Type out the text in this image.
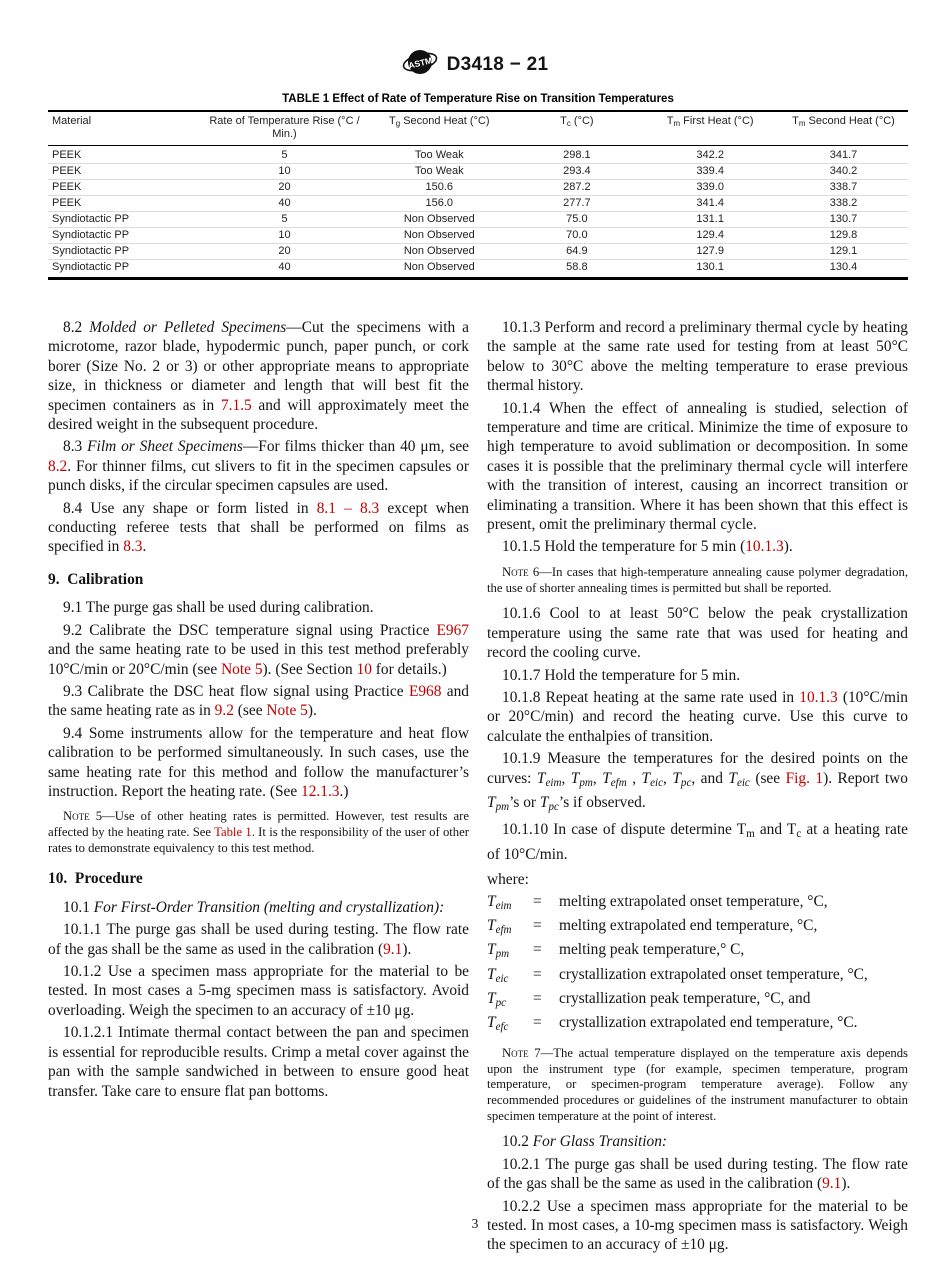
ASTM D3418 − 21
TABLE 1 Effect of Rate of Temperature Rise on Transition Temperatures
Material	Rate of Temperature Rise (°C / Min.)	Tg Second Heat (°C)	Tc (°C)	Tm First Heat (°C)	Tm Second Heat (°C)
PEEK	5	Too Weak	298.1	342.2	341.7
PEEK	10	Too Weak	293.4	339.4	340.2
PEEK	20	150.6	287.2	339.0	338.7
PEEK	40	156.0	277.7	341.4	338.2
Syndiotactic PP	5	Non Observed	75.0	131.1	130.7
Syndiotactic PP	10	Non Observed	70.0	129.4	129.8
Syndiotactic PP	20	Non Observed	64.9	127.9	129.1
Syndiotactic PP	40	Non Observed	58.8	130.1	130.4
8.2 Molded or Pelleted Specimens—Cut the specimens with a microtome, razor blade, hypodermic punch, paper punch, or cork borer (Size No. 2 or 3) or other appropriate means to appropriate size, in thickness or diameter and length that will best fit the specimen containers as in 7.1.5 and will approximately meet the desired weight in the subsequent procedure.
8.3 Film or Sheet Specimens—For films thicker than 40 μm, see 8.2. For thinner films, cut slivers to fit in the specimen capsules or punch disks, if the circular specimen capsules are used.
8.4 Use any shape or form listed in 8.1 – 8.3 except when conducting referee tests that shall be performed on films as specified in 8.3.
9.  Calibration
9.1 The purge gas shall be used during calibration.
9.2 Calibrate the DSC temperature signal using Practice E967 and the same heating rate to be used in this test method preferably 10°C/min or 20°C/min (see Note 5). (See Section 10 for details.)
9.3 Calibrate the DSC heat flow signal using Practice E968 and the same heating rate as in 9.2 (see Note 5).
9.4 Some instruments allow for the temperature and heat flow calibration to be performed simultaneously. In such cases, use the same heating rate for this method and follow the manufacturer’s instruction. Report the heating rate. (See 12.1.3.)
Note 5—Use of other heating rates is permitted. However, test results are affected by the heating rate. See Table 1. It is the responsibility of the user of other rates to demonstrate equivalency to this test method.
10.  Procedure
10.1 For First-Order Transition (melting and crystallization):
10.1.1 The purge gas shall be used during testing. The flow rate of the gas shall be the same as used in the calibration (9.1).
10.1.2 Use a specimen mass appropriate for the material to be tested. In most cases a 5-mg specimen mass is satisfactory. Avoid overloading. Weigh the specimen to an accuracy of ±10 μg.
10.1.2.1 Intimate thermal contact between the pan and specimen is essential for reproducible results. Crimp a metal cover against the pan with the sample sandwiched in between to ensure good heat transfer. Take care to ensure flat pan bottoms.
10.1.3 Perform and record a preliminary thermal cycle by heating the sample at the same rate used for testing from at least 50°C below to 30°C above the melting temperature to erase previous thermal history.
10.1.4 When the effect of annealing is studied, selection of temperature and time are critical. Minimize the time of exposure to high temperature to avoid sublimation or decomposition. In some cases it is possible that the preliminary thermal cycle will interfere with the transition of interest, causing an incorrect transition or eliminating a transition. Where it has been shown that this effect is present, omit the preliminary thermal cycle.
10.1.5 Hold the temperature for 5 min (10.1.3).
Note 6—In cases that high-temperature annealing cause polymer degradation, the use of shorter annealing times is permitted but shall be reported.
10.1.6 Cool to at least 50°C below the peak crystallization temperature using the same rate that was used for heating and record the cooling curve.
10.1.7 Hold the temperature for 5 min.
10.1.8 Repeat heating at the same rate used in 10.1.3 (10°C/min or 20°C/min) and record the heating curve. Use this curve to calculate the enthalpies of transition.
10.1.9 Measure the temperatures for the desired points on the curves: Teim, Tpm, Tefm , Teic, Tpc, and Teic (see Fig. 1). Report two Tpm’s or Tpc’s if observed.
10.1.10 In case of dispute determine Tm and Tc at a heating rate of 10°C/min.
where:
Teim	=	melting extrapolated onset temperature, °C,
Tefm	=	melting extrapolated end temperature, °C,
Tpm	=	melting peak temperature,° C,
Teic	=	crystallization extrapolated onset temperature, °C,
Tpc	=	crystallization peak temperature, °C, and
Tefc	=	crystallization extrapolated end temperature, °C.
Note 7—The actual temperature displayed on the temperature axis depends upon the instrument type (for example, specimen temperature, program temperature, or specimen-program temperature average). Follow any recommended procedures or guidelines of the instrument manufacturer to obtain specimen temperature at the point of interest.
10.2 For Glass Transition:
10.2.1 The purge gas shall be used during testing. The flow rate of the gas shall be the same as used in the calibration (9.1).
10.2.2 Use a specimen mass appropriate for the material to be tested. In most cases, a 10-mg specimen mass is satisfactory. Weigh the specimen to an accuracy of ±10 μg.
3
